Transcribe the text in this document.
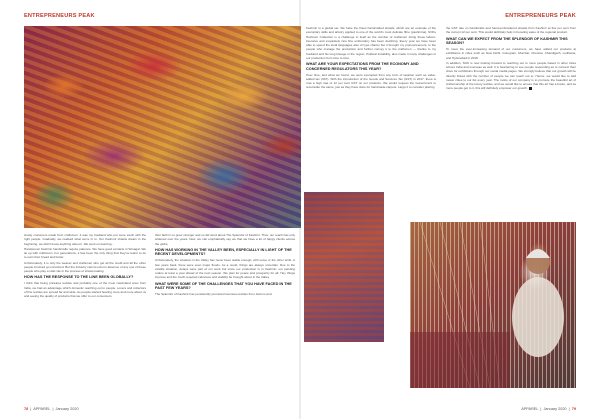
ENTREPRENEURS PEAK	ENTREPRENEURS PEAK

slowly customers made from craftsmen. It was my husband who put more touch with the right people. Gradually, we realised what we're in to. Our Kashmir shawls dream in the beginning, we didn't know anything about it. We went on learning...

Handwoven Kashmir handicrafts require patience. We have good contacts in Srinagar. We tie up with craftsmen. For generations, it has been the only thing that they've learnt to do to earn their bread and butter.

Unfortunately, it is only the weaver and craftsmen who get all the credit and all the other people involved go unnoticed. But the industry cannot exist in absence of any one of these people who play a vital role in the process of shawl-making.

HOW HAS THE RESPONSE TO THE LINE BEEN GLOBALLY?

I think that being priceless textiles and probably one of the most celebrated ones from India, we had an advantage which domestic reaching out to people. Lovers and collectors of fine textiles are spread far and wide. As people started hearing more and more about us and seeing the quality of products that we offer to our consumers,

their faith in us grew stronger and so did word about The Splendor of Kashmir. Thus, our reach has only widened over the years. Now, we can emphatically say we that we have a lot of happy clients across the globe.

HOW HAS WORKING IN THE VALLEY BEEN, ESPECIALLY IN LIGHT OF THE RECENT DEVELOPMENTS?

Unfortunately, the situation in the Valley has never been stable enough, with some or the other strife. A few years back, there were even major floods. As a result, things are always uncertain. Due to the volatile situation, delays were part of our work but since our production is in Kashmir, our pending orders at least a year ahead of the next season. We plan for peace and prosperity for all. Hey things improve and the much-required calmness and stability be brought about in the Valley.

WHAT WERE SOME OF THE CHALLENGES THAT YOU HAVE FACED IN THE PAST FEW YEARS?

The Splendor of Kashmir has persistently promoted luxurious textiles from Jammu and

Kashmir to a global set. We have the finest handcrafted shawls, which are an example of the exemplary skills and artistry applied to one of the world's most delicate fibre (pashmina), SOKs Heirloom Collection is a challenge in itself as the number of craftsmen doing these labour-intensive and exquisitely rare fine embroidery has been declining. Every year we have been able to speed the local languages also of type charter but it brought my pronouncement, to the people who manage the production and further convey it to the craftsmen — thanks to my husband and his long lineage in the region. Political instability, also made it many challenges in our production from time to time.

WHAT ARE YOUR EXPECTATIONS FROM THE ECONOMY AND CONCERNED REGULATORS THIS YEAR?

Over time, and what we found, we were exempted from any form of taxation such as value-added tax (VAT). With the introduction of the Goods and Services Tax (GST) in 2017, there is now a high rate of 12 per cent GST on our products. We would request the Government to reconsider the same, just as they have done for handmade carpets. Large it to consider placing

the GST rate on handicrafts and hand-embroidered shawls from Kashmir at five per cent from the current 12 per cent. This would definitely help in boosting sales of the regional product.

WHAT CAN WE EXPECT FROM THE SPLENDOR OF KASHMIR THIS SEASON?

To meet the ever-increasing demand of our customers, we have added our products at exhibitions in cities such as New Delhi, Gurugram, Mumbai, Chennai, Chandigarh, Ludhiana, and Hyderabad in 2018.

In addition, SOK is now looking forward to reaching out to more people based in other cities across India and overseas as well. It is heartening to see people responding as to connect their cities for exhibitions through our social media pages. We strongly believe that our growth will be directly linked with the number of people we can reach out to. Hence, we would like to add newer cities to our list every year. The motto of our company is to promote the beautiful art of craftsmanship of the luxury textiles, and we would like to ensure that this art has a future, and as more people get to it, this will definitely empower our growth.

78  |  APPAREL  |  January 2020	APPAREL  |  January 2020  |  79
